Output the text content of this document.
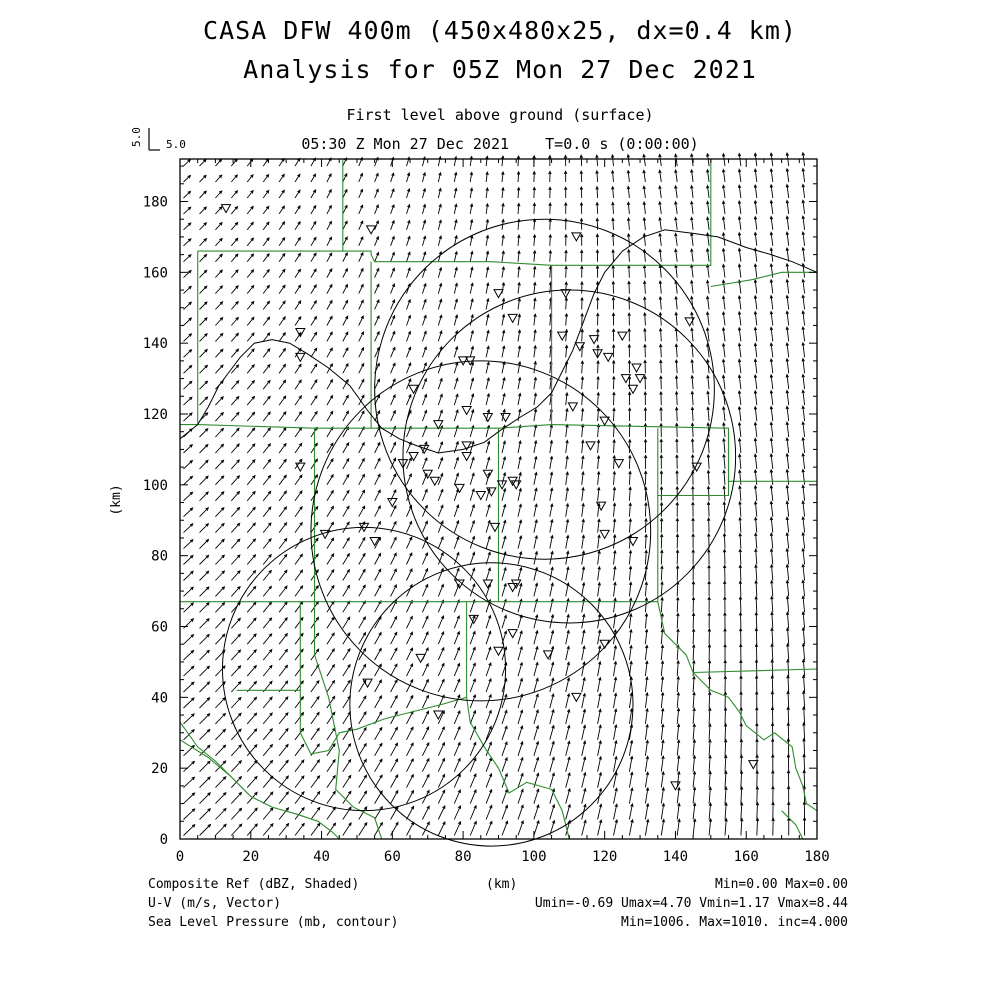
CASA DFW 400m (450x480x25, dx=0.4 km)
Analysis for 05Z Mon 27 Dec 2021
First level above ground (surface)
05:30 Z Mon 27 Dec 2021    T=0.0 s (0:00:00)
5.0 5.0
0	20	40	60	80	100	120	140	160	180
0
20
40
60
80
100
120
140
160
180
(km)
Composite Ref (dBZ, Shaded)
U-V (m/s, Vector)
Sea Level Pressure (mb, contour)
(km)	Min=0.00 Max=0.00
Umin=-0.69 Umax=4.70 Vmin=1.17 Vmax=8.44
Min=1006. Max=1010. inc=4.000
